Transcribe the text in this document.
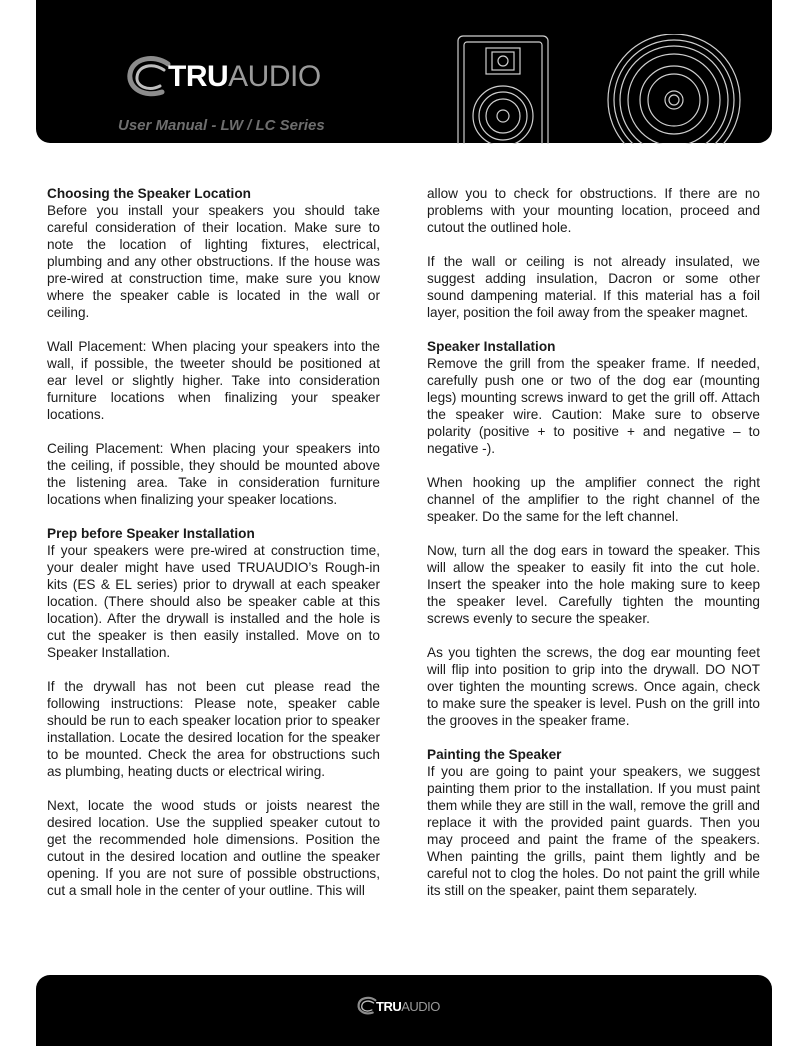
TRUAUDIO
User Manual - LW / LC Series
Choosing the Speaker Location

Before you install your speakers you should take careful consideration of their location. Make sure to note the location of lighting fixtures, electrical, plumbing and any other obstructions. If the house was pre-wired at construction time, make sure you know where the speaker cable is located in the wall or ceiling.

Wall Placement: When placing your speakers into the wall, if possible, the tweeter should be positioned at ear level or slightly higher. Take into consideration furniture locations when finalizing your speaker locations.

Ceiling Placement: When placing your speakers into the ceiling, if possible, they should be mounted above the listening area. Take in consideration furniture locations when finalizing your speaker locations.

Prep before Speaker Installation

If your speakers were pre-wired at construction time, your dealer might have used TRUAUDIO’s Rough-in kits (ES & EL series) prior to drywall at each speaker location. (There should also be speaker cable at this location). After the drywall is installed and the hole is cut the speaker is then easily installed. Move on to Speaker Installation.

If the drywall has not been cut please read the following instructions: Please note, speaker cable should be run to each speaker location prior to speaker installation. Locate the desired location for the speaker to be mounted. Check the area for obstructions such as plumbing, heating ducts or electrical wiring.

Next, locate the wood studs or joists nearest the desired location. Use the supplied speaker cutout to get the recommended hole dimensions. Position the cutout in the desired location and outline the speaker opening. If you are not sure of possible obstructions, cut a small hole in the center of your outline. This will

allow you to check for obstructions. If there are no problems with your mounting location, proceed and cutout the outlined hole.

If the wall or ceiling is not already insulated, we suggest adding insulation, Dacron or some other sound dampening material. If this material has a foil layer, position the foil away from the speaker magnet.

Speaker Installation

Remove the grill from the speaker frame. If needed, carefully push one or two of the dog ear (mounting legs) mounting screws inward to get the grill off. Attach the speaker wire. Caution: Make sure to observe polarity (positive + to positive + and negative – to negative -).

When hooking up the amplifier connect the right channel of the amplifier to the right channel of the speaker. Do the same for the left channel.

Now, turn all the dog ears in toward the speaker. This will allow the speaker to easily fit into the cut hole. Insert the speaker into the hole making sure to keep the speaker level. Carefully tighten the mounting screws evenly to secure the speaker.

As you tighten the screws, the dog ear mounting feet will flip into position to grip into the drywall. DO NOT over tighten the mounting screws. Once again, check to make sure the speaker is level. Push on the grill into the grooves in the speaker frame.

Painting the Speaker

If you are going to paint your speakers, we suggest painting them prior to the installation. If you must paint them while they are still in the wall, remove the grill and replace it with the provided paint guards. Then you may proceed and paint the frame of the speakers. When painting the grills, paint them lightly and be careful not to clog the holes. Do not paint the grill while its still on the speaker, paint them separately.

TRUAUDIO
